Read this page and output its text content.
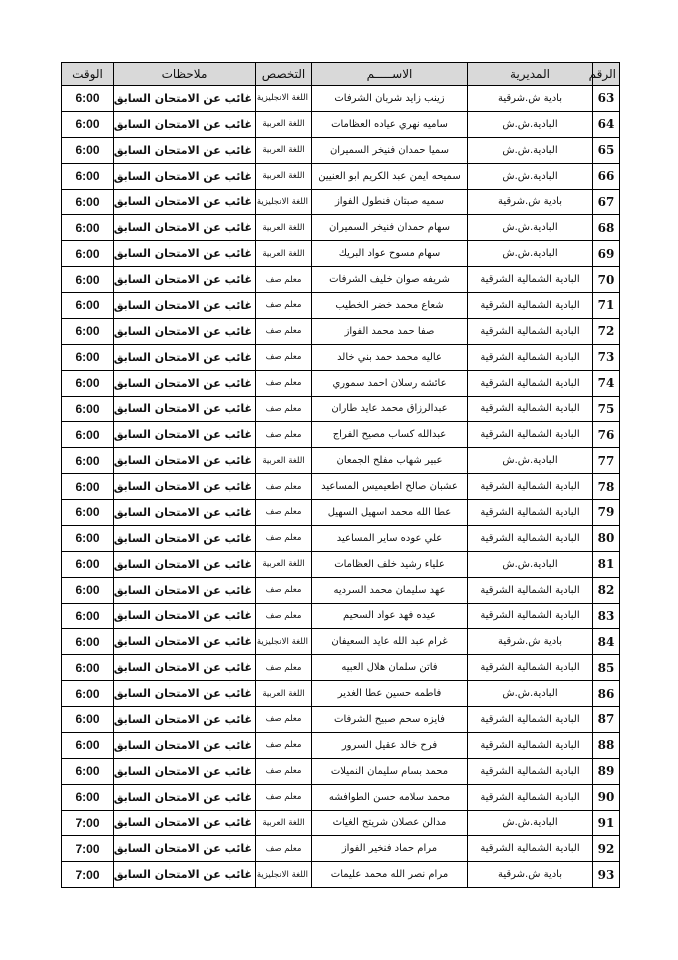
الرقم	المديرية	الاســـــم	التخصص	ملاحظات	الوقت
63	بادية ش.شرقية	زينب زايد شربان الشرفات	اللغة الانجليزية	غائب عن الامتحان السابق	6:00
64	البادية.ش.ش	ساميه نهري عياده العظامات	اللغة العربية	غائب عن الامتحان السابق	6:00
65	البادية.ش.ش	سميا حمدان فنيخر السميران	اللغة العربية	غائب عن الامتحان السابق	6:00
66	البادية.ش.ش	سميحه ايمن عبد الكريم ابو العنيين	اللغة العربية	غائب عن الامتحان السابق	6:00
67	بادية ش.شرقية	سميه صبتان فنطول الفواز	اللغة الانجليزية	غائب عن الامتحان السابق	6:00
68	البادية.ش.ش	سهام حمدان فنيخر السميران	اللغة العربية	غائب عن الامتحان السابق	6:00
69	البادية.ش.ش	سهام مسوح عواد البريك	اللغة العربية	غائب عن الامتحان السابق	6:00
70	البادية الشمالية الشرقية	شريفه صوان خليف الشرفات	معلم صف	غائب عن الامتحان السابق	6:00
71	البادية الشمالية الشرقية	شعاع محمد خضر الخطيب	معلم صف	غائب عن الامتحان السابق	6:00
72	البادية الشمالية الشرقية	صفا حمد محمد الفواز	معلم صف	غائب عن الامتحان السابق	6:00
73	البادية الشمالية الشرقية	عاليه محمد حمد بني خالد	معلم صف	غائب عن الامتحان السابق	6:00
74	البادية الشمالية الشرقية	عائشه رسلان احمد سموري	معلم صف	غائب عن الامتحان السابق	6:00
75	البادية الشمالية الشرقية	عبدالرزاق محمد عايد طاران	معلم صف	غائب عن الامتحان السابق	6:00
76	البادية الشمالية الشرقية	عبدالله كساب مصيح الفراج	معلم صف	غائب عن الامتحان السابق	6:00
77	البادية.ش.ش	عبير شهاب مفلح الجمعان	اللغة العربية	غائب عن الامتحان السابق	6:00
78	البادية الشمالية الشرقية	عشبان صالح اطعيميس المساعيد	معلم صف	غائب عن الامتحان السابق	6:00
79	البادية الشمالية الشرقية	عطا الله محمد اسهيل السهيل	معلم صف	غائب عن الامتحان السابق	6:00
80	البادية الشمالية الشرقية	علي عوده ساير المساعيد	معلم صف	غائب عن الامتحان السابق	6:00
81	البادية.ش.ش	علياء رشيد خلف العظامات	اللغة العربية	غائب عن الامتحان السابق	6:00
82	البادية الشمالية الشرقية	عهد سليمان محمد السرديه	معلم صف	غائب عن الامتحان السابق	6:00
83	البادية الشمالية الشرقية	عيده فهد عواد السحيم	معلم صف	غائب عن الامتحان السابق	6:00
84	بادية ش.شرقية	غرام عبد الله عايد السعيفان	اللغة الانجليزية	غائب عن الامتحان السابق	6:00
85	البادية الشمالية الشرقية	فاتن سلمان هلال العبيه	معلم صف	غائب عن الامتحان السابق	6:00
86	البادية.ش.ش	فاطمه حسين عطا الغدير	اللغة العربية	غائب عن الامتحان السابق	6:00
87	البادية الشمالية الشرقية	فايزه سحم صبيح الشرفات	معلم صف	غائب عن الامتحان السابق	6:00
88	البادية الشمالية الشرقية	فرح خالد عقيل السرور	معلم صف	غائب عن الامتحان السابق	6:00
89	البادية الشمالية الشرقية	محمد بسام سليمان النميلات	معلم صف	غائب عن الامتحان السابق	6:00
90	البادية الشمالية الشرقية	محمد سلامه حسن الطوافشه	معلم صف	غائب عن الامتحان السابق	6:00
91	البادية.ش.ش	مدالن عصلان شريتح الغياث	اللغة العربية	غائب عن الامتحان السابق	7:00
92	البادية الشمالية الشرقية	مرام حماد فنخير الفواز	معلم صف	غائب عن الامتحان السابق	7:00
93	بادية ش.شرقية	مرام نصر الله محمد عليمات	اللغة الانجليزية	غائب عن الامتحان السابق	7:00
